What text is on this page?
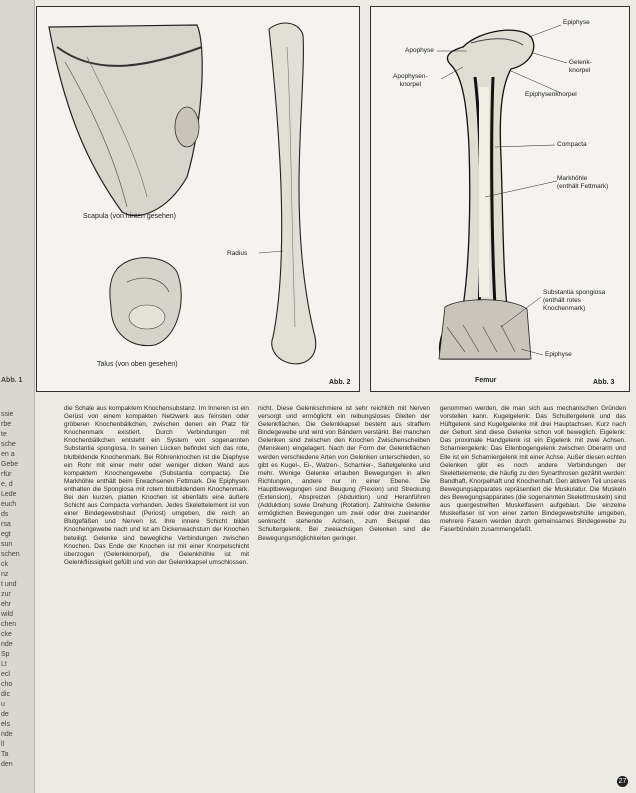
Abb. 1
ssie
rbe
te
sche
en a
Gebe
rfür
e, d
Lede
euch
ds
rsa
egt
sun
schen
ck
nz
t und
zur
ehr
wild
chen
cke
nde
Sp
Lt
ecl
cho
dic
u
de
els
nde
ll
Ta
den
Scapula (von hinten gesehen)
Talus (von oben gesehen)
Radius
Abb. 2
Epiphyse
Apophyse
Gelenk-
knorpel
Apophysen-
knorpel
Epiphysenknorpel
Compacta
Markhöhle
(enthält Fettmark)
Substantia spongiosa
(enthält rotes
Knochenmark)
Epiphyse
Femur	Abb. 3

die Schale aus kompaktem Knochensubstanz. Im Inneren ist ein Gerüst von einem kompakten Netzwerk aus feinsten oder gröberen Knochenbälkchen, zwischen denen ein Platz für Knochenmark existiert. Durch Verbindungen mit Knochenbälkchen entsteht ein System von sogenannten Substantia spongiosa. In seinen Lücken befindet sich das rote, blutbildende Knochenmark. Bei Röhrenknochen ist die Diaphyse ein Rohr mit einer mehr oder weniger dicken Wand aus kompaktem Knochengewebe (Substantia compacta). Die Markhöhle enthält beim Erwachsenen Fettmark. Die Epiphysen enthalten die Spongiosa mit rotem blutbildendem Knochenmark. Bei den kurzen, platten Knochen ist ebenfalls eine äußere Schicht aus Compacta vorhanden. Jedes Skelettelement ist von einer Bindegewebshaut (Periost) umgeben, die reich an Blutgefäßen und Nerven ist. Ihre innere Schicht bildet Knochengewebe nach und ist am Dickenwachstum der Knochen beteiligt. Gelenke sind bewegliche Verbindungen zwischen Knochen. Das Ende der Knochen ist mit einer Knorpelschicht überzogen (Gelenkknorpel), die Gelenkhöhle ist mit Gelenkflüssigkeit gefüllt und von der Gelenkkapsel umschlossen.

nicht. Diese Gelenkschmiere ist sehr reichlich mit Nerven versorgt und ermöglicht ein reibungsloses Gleiten der Gelenkflächen. Die Gelenkkapsel besteht aus straffem Bindegewebe und wird von Bändern verstärkt. Bei manchen Gelenken sind zwischen den Knochen Zwischenscheiben (Menisken) eingelagert. Nach der Form der Gelenkflächen werden verschiedene Arten von Gelenken unterschieden, so gibt es Kugel-, Ei-, Walzen-, Scharnier-, Sattelgelenke und mehr. Wenige Gelenke erlauben Bewegungen in allen Richtungen, andere nur in einer Ebene. Die Hauptbewegungen sind Beugung (Flexion) und Streckung (Extension), Abspreizen (Abduktion) und Heranführen (Adduktion) sowie Drehung (Rotation). Zahlreiche Gelenke ermöglichen Bewegungen um zwei oder drei zueinander senkrecht stehende Achsen, zum Beispiel das Schultergelenk. Bei zweiachsigen Gelenken sind die Bewegungsmöglichkeiten geringer.

genommen werden, die man sich aus mechanischen Gründen vorstellen kann. Kugelgelenk: Das Schultergelenk und das Hüftgelenk sind Kugelgelenke mit drei Hauptachsen. Kurz nach der Geburt sind diese Gelenke schon voll beweglich. Eigelenk: Das proximale Handgelenk ist ein Eigelenk mit zwei Achsen. Scharniergelenk: Das Ellenbogengelenk zwischen Oberarm und Elle ist ein Scharniergelenk mit einer Achse. Außer diesen echten Gelenken gibt es noch andere Verbindungen der Skelettelemente, die häufig zu den Synarthrosen gezählt werden: Bandhaft, Knorpelhaft und Knochenhaft. Den aktiven Teil unseres Bewegungsapparates repräsentiert die Muskulatur. Die Muskeln des Bewegungsapparates (die sogenannten Skelettmuskeln) sind aus quergestreiften Muskelfasern aufgebaut. Die einzelne Muskelfaser ist von einer zarten Bindegewebshülle umgeben, mehrere Fasern werden durch gemeinsames Bindegewebe zu Faserbündeln zusammengefaßt.

27
